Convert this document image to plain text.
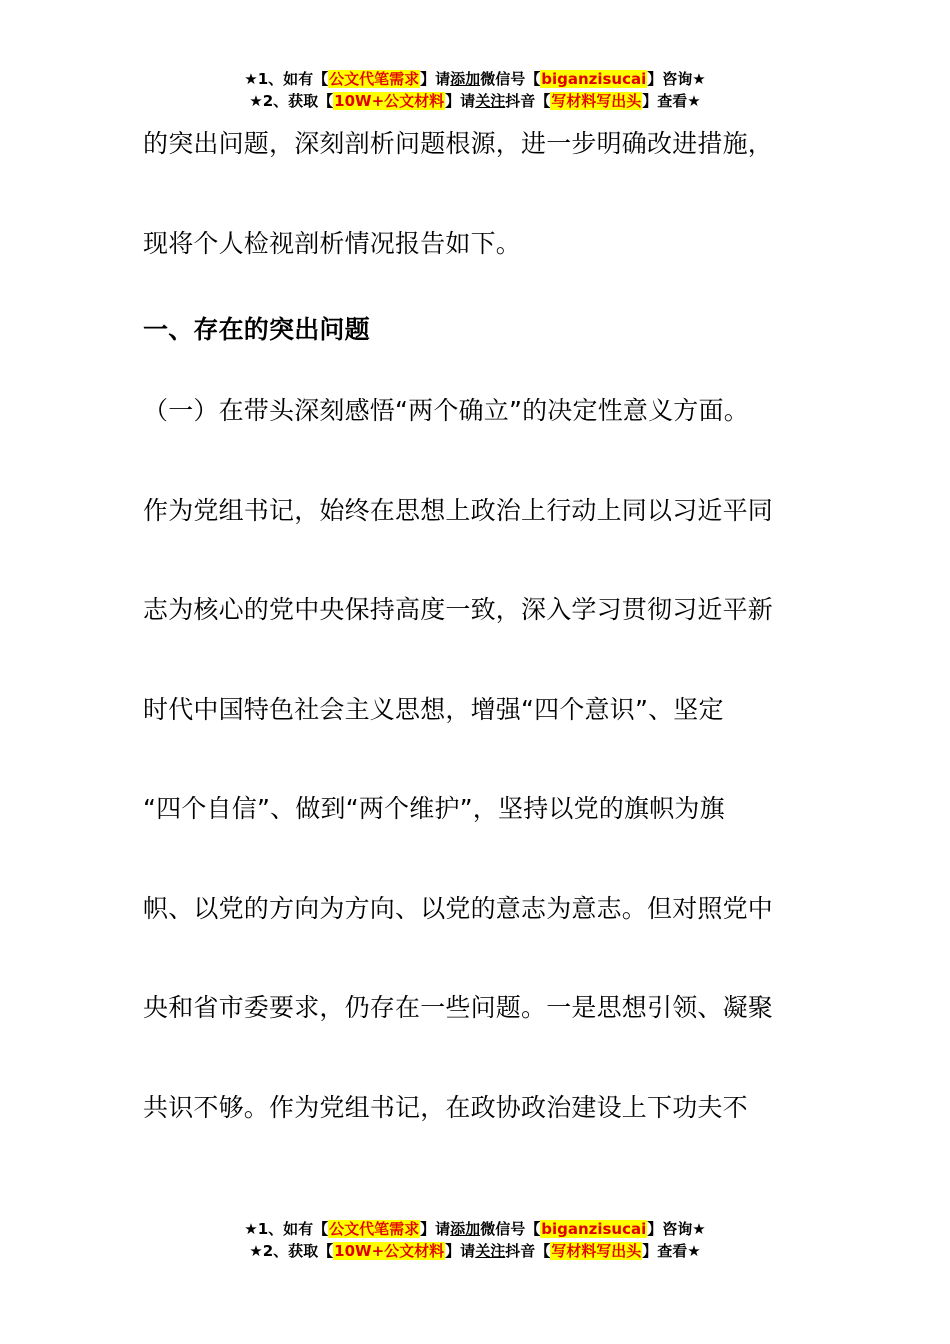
★1、如有【公文代笔需求】请添加微信号【biganzisucai】咨询★
★2、获取【10W+公文材料】请关注抖音【写材料写出头】查看★
的突出问题，深刻剖析问题根源，进一步明确改进措施，
现将个人检视剖析情况报告如下。
一、存在的突出问题
（一）在带头深刻感悟“两个确立”的决定性意义方面。
作为党组书记，始终在思想上政治上行动上同以习近平同
志为核心的党中央保持高度一致，深入学习贯彻习近平新
时代中国特色社会主义思想，增强“四个意识”、坚定
“四个自信”、做到“两个维护”，坚持以党的旗帜为旗
帜、以党的方向为方向、以党的意志为意志。但对照党中
央和省市委要求，仍存在一些问题。一是思想引领、凝聚
共识不够。作为党组书记，在政协政治建设上下功夫不
★1、如有【公文代笔需求】请添加微信号【biganzisucai】咨询★
★2、获取【10W+公文材料】请关注抖音【写材料写出头】查看★
